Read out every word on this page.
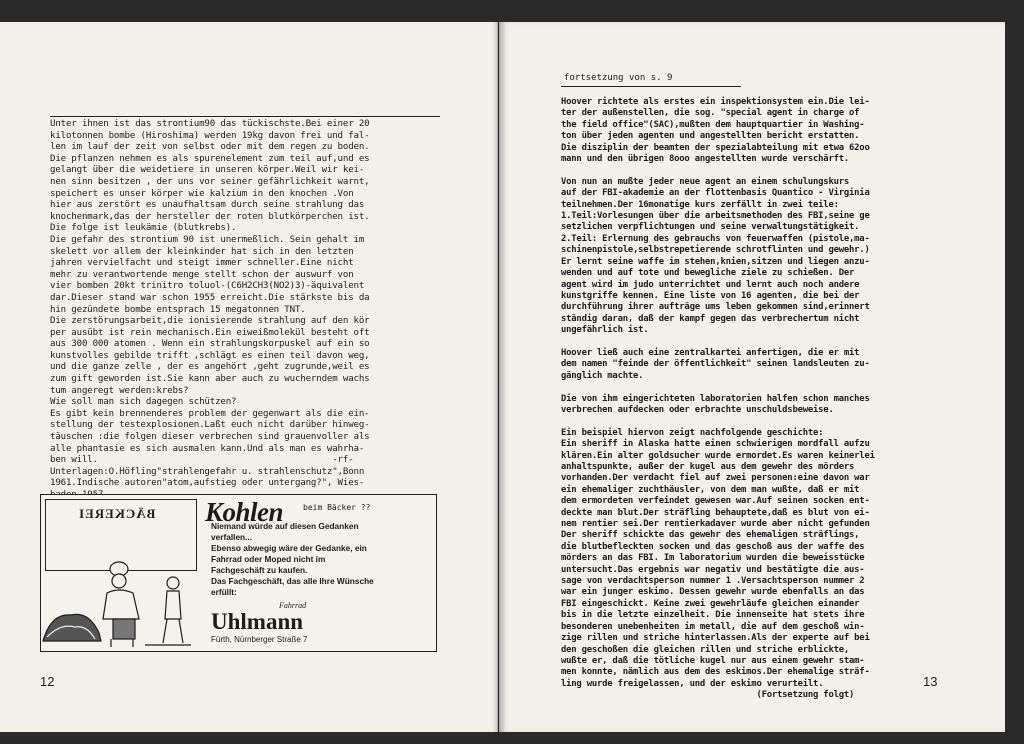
Unter ihnen ist das strontium90 das tückischste.Bei einer 20
kilotonnen bombe (Hiroshima) werden 19kg davon frei und fal-
len im lauf der zeit von selbst oder mit dem regen zu boden.
Die pflanzen nehmen es als spurenelement zum teil auf,und es
gelangt über die weidetiere in unseren körper.Weil wir kei-
nen sinn besitzen , der uns vor seiner gefährlichkeit warnt,
speichert es unser körper wie kalzium in den knochen .Von
hier aus zerstört es unaufhaltsam durch seine strahlung das
knochenmark,das der hersteller der roten blutkörperchen ist.
Die folge ist leukämie (blutkrebs).
Die gefahr des strontium 90 ist unermeßlich. Sein gehalt im
skelett vor allem der kleinkinder hat sich in den letzten
jahren vervielfacht und steigt immer schneller.Eine nicht
mehr zu verantwortende menge stellt schon der auswurf von
vier bomben 20kt trinitro toluol-(C6H2CH3(NO2)3)-äquivalent
dar.Dieser stand war schon 1955 erreicht.Die stärkste bis da
hin gezündete bombe entsprach 15 megatonnen TNT.
Die zerstörungsarbeit,die ionisierende strahlung auf den kör
per ausübt ist rein mechanisch.Ein eiweißmolekül besteht oft
aus 300 000 atomen . Wenn ein strahlungskorpuskel auf ein so
kunstvolles gebilde trifft ,schlägt es einen teil davon weg,
und die ganze zelle , der es angehört ,geht zugrunde,weil es
zum gift geworden ist.Sie kann aber auch zu wucherndem wachs
tum angeregt werden:krebs?
Wie soll man sich dagegen schützen?
Es gibt kein brennenderes problem der gegenwart als die ein-
stellung der testexplosionen.Laßt euch nicht darüber hinweg-
täuschen :die folgen dieser verbrechen sind grauenvoller als
alle phantasie es sich ausmalen kann.Und als man es wahrha-
ben will.                                            -rf-
Unterlagen:O.Höfling"strahlengefahr u. strahlenschutz",Bonn
1961.Indische autoren"atom,aufstieg oder untergang?", Wies-
BÄCKEREI Kohlen beim Bäcker ??
Niemand würde auf diesen Gedanken
verfallen...
Ebenso abwegig wäre der Gedanke, ein
Fahrrad oder Moped nicht im
Fachgeschäft zu kaufen.
Das Fachgeschäft, das alle Ihre Wünsche
erfüllt:
Fahrrad
Uhlmann
Fürth, Nürnberger Straße 7
12
fortsetzung von s. 9
Hoover richtete als erstes ein inspektionsystem ein.Die lei-
ter der außenstellen, die sog. "special agent in charge of
the field office"(SAC),mußten dem hauptquartier in Washing-
ton über jeden agenten und angestellten bericht erstatten.
Die disziplin der beamten der spezialabteilung mit etwa 62oo
mann und den übrigen 8ooo angestellten wurde verschärft.

Von nun an mußte jeder neue agent an einem schulungskurs
auf der FBI-akademie an der flottenbasis Quantico - Virginia
teilnehmen.Der 16monatige kurs zerfällt in zwei teile:
1.Teil:Vorlesungen über die arbeitsmethoden des FBI,seine ge
setzlichen verpflichtungen und seine verwaltungstätigkeit.
2.Teil: Erlernung des gebrauchs von feuerwaffen (pistole,ma-
schinenpistole,selbstrepetierende schrotflinten und gewehr.)
Er lernt seine waffe im stehen,knien,sitzen und liegen anzu-
wenden und auf tote und bewegliche ziele zu schießen. Der
agent wird im judo unterrichtet und lernt auch noch andere
kunstgriffe kennen. Eine liste von 16 agenten, die bei der
durchführung ihrer aufträge ums leben gekommen sind,erinnert
ständig daran, daß der kampf gegen das verbrechertum nicht
ungefährlich ist.

Hoover ließ auch eine zentralkartei anfertigen, die er mit
dem namen "feinde der öffentlichkeit" seinen landsleuten zu-
gänglich machte.

Die von ihm eingerichteten laboratorien halfen schon manches
verbrechen aufdecken oder erbrachte unschuldsbeweise.

Ein beispiel hiervon zeigt nachfolgende geschichte:
Ein sheriff in Alaska hatte einen schwierigen mordfall aufzu
klären.Ein alter goldsucher wurde ermordet.Es waren keinerlei
anhaltspunkte, außer der kugel aus dem gewehr des mörders
vorhanden.Der verdacht fiel auf zwei personen:eine davon war
ein ehemaliger zuchthäusler, von dem man wußte, daß er mit
dem ermordeten verfeindet gewesen war.Auf seinen socken ent-
deckte man blut.Der sträfling behauptete,daß es blut von ei-
nem rentier sei.Der rentierkadaver wurde aber nicht gefunden
Der sheriff schickte das gewehr des ehemaligen sträflings,
die blutbefleckten socken und das geschoß aus der waffe des
mörders an das FBI. Im laboratorium wurden die beweisstücke
untersucht.Das ergebnis war negativ und bestätigte die aus-
sage von verdachtsperson nummer 1 .Versachtsperson nummer 2
war ein junger eskimo. Dessen gewehr wurde ebenfalls an das
FBI eingeschickt. Keine zwei gewehrläufe gleichen einander
bis in die letzte einzelheit. Die innenseite hat stets ihre
besonderen unebenheiten im metall, die auf dem geschoß win-
zige rillen und striche hinterlassen.Als der experte auf bei
den geschoßen die gleichen rillen und striche erblickte,
wußte er, daß die tötliche kugel nur aus einem gewehr stam-
men konnte, nämlich aus dem des eskimos.Der ehemalige sträf-
ling wurde freigelassen, und der eskimo verurteilt.
(Fortsetzung folgt)
13
